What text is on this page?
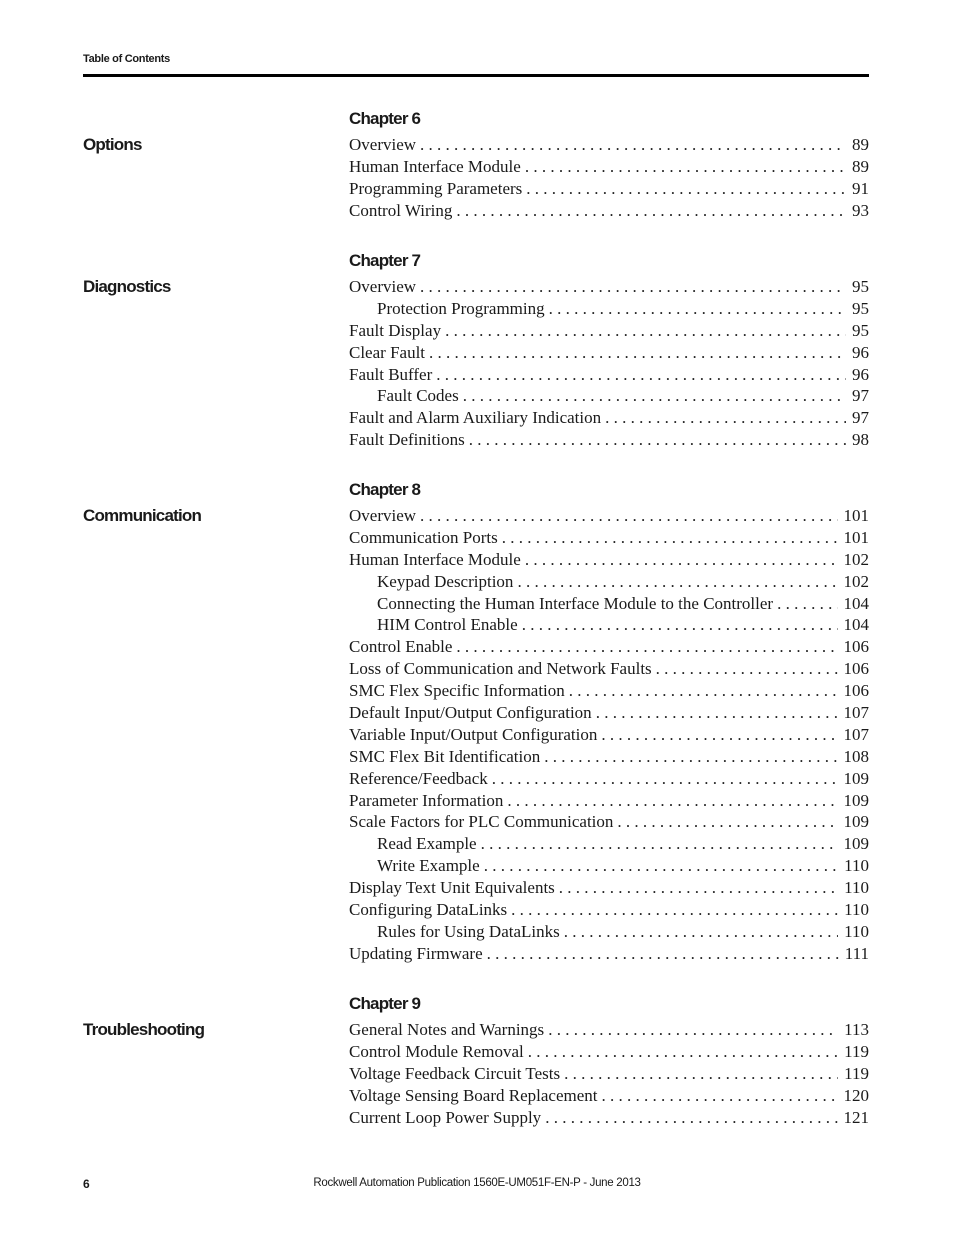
Table of Contents
Chapter 6
Options	Overview . . .	89
Human Interface Module . . .	89
Programming Parameters . . .	91
Control Wiring . . .	93
Chapter 7
Diagnostics	Overview . . .	95
Protection Programming . . .	95
Fault Display . . .	95
Clear Fault . . .	96
Fault Buffer . . .	96
Fault Codes . . .	97
Fault and Alarm Auxiliary Indication . . .	97
Fault Definitions . . .	98
Chapter 8
Communication	Overview . . .	101
Communication Ports . . .	101
Human Interface Module . . .	102
Keypad Description . . .	102
Connecting the Human Interface Module to the Controller . . .	104
HIM Control Enable . . .	104
Control Enable . . .	106
Loss of Communication and Network Faults . . .	106
SMC Flex Specific Information . . .	106
Default Input/Output Configuration . . .	107
Variable Input/Output Configuration . . .	107
SMC Flex Bit Identification . . .	108
Reference/Feedback . . .	109
Parameter Information . . .	109
Scale Factors for PLC Communication . . .	109
Read Example . . .	109
Write Example . . .	110
Display Text Unit Equivalents . . .	110
Configuring DataLinks . . .	110
Rules for Using DataLinks . . .	110
Updating Firmware . . .	111
Chapter 9
Troubleshooting	General Notes and Warnings . . .	113
Control Module Removal . . .	119
Voltage Feedback Circuit Tests . . .	119
Voltage Sensing Board Replacement . . .	120
Current Loop Power Supply . . .	121
6	Rockwell Automation Publication 1560E-UM051F-EN-P - June 2013
